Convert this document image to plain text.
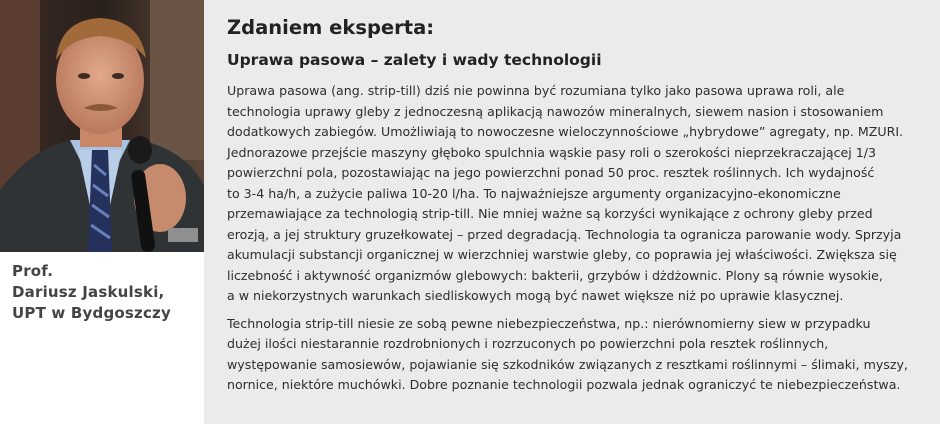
Prof.
Dariusz Jaskulski,
UPT w Bydgoszczy
Zdaniem eksperta:
Uprawa pasowa – zalety i wady technologii
Uprawa pasowa (ang. strip-till) dziś nie powinna być rozumiana tylko jako pasowa uprawa roli, ale
technologia uprawy gleby z jednoczesną aplikacją nawozów mineralnych, siewem nasion i stosowaniem
dodatkowych zabiegów. Umożliwiają to nowoczesne wieloczynnościowe „hybrydowe” agregaty, np. MZURI.
Jednorazowe przejście maszyny głęboko spulchnia wąskie pasy roli o szerokości nieprzekraczającej 1/3
powierzchni pola, pozostawiając na jego powierzchni ponad 50 proc. resztek roślinnych. Ich wydajność
to 3-4 ha/h, a zużycie paliwa 10-20 l/ha. To najważniejsze argumenty organizacyjno-ekonomiczne
przemawiające za technologią strip-till. Nie mniej ważne są korzyści wynikające z ochrony gleby przed
erozją, a jej struktury gruzełkowatej – przed degradacją. Technologia ta ogranicza parowanie wody. Sprzyja
akumulacji substancji organicznej w wierzchniej warstwie gleby, co poprawia jej właściwości. Zwiększa się
liczebność i aktywność organizmów glebowych: bakterii, grzybów i dżdżownic. Plony są równie wysokie,
a w niekorzystnych warunkach siedliskowych mogą być nawet większe niż po uprawie klasycznej.
Technologia strip-till niesie ze sobą pewne niebezpieczeństwa, np.: nierównomierny siew w przypadku
dużej ilości niestarannie rozdrobnionych i rozrzuconych po powierzchni pola resztek roślinnych,
występowanie samosiewów, pojawianie się szkodników związanych z resztkami roślinnymi – ślimaki, myszy,
nornice, niektóre muchówki. Dobre poznanie technologii pozwala jednak ograniczyć te niebezpieczeństwa.
